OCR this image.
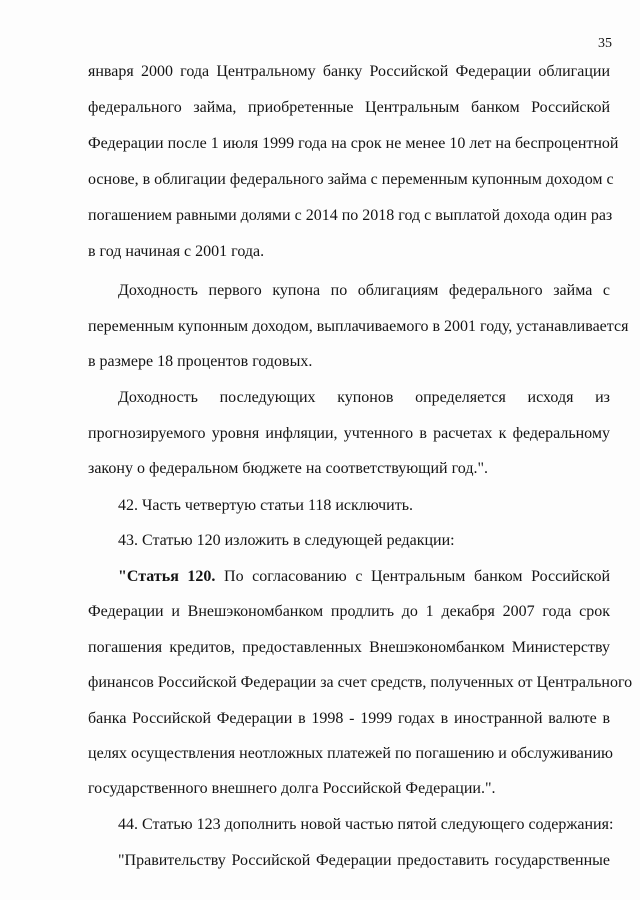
35
января 2000 года Центральному банку Российской Федерации облигации
федерального займа, приобретенные Центральным банком Российской
Федерации после 1 июля 1999 года на срок не менее 10 лет на беспроцентной
основе, в облигации федерального займа с переменным купонным доходом с
погашением равными долями с 2014 по 2018 год с выплатой дохода один раз
в год начиная с 2001 года.
Доходность первого купона по облигациям федерального займа с
переменным купонным доходом, выплачиваемого в 2001 году, устанавливается
в размере 18 процентов годовых.
Доходность последующих купонов определяется исходя из
прогнозируемого уровня инфляции, учтенного в расчетах к федеральному
закону о федеральном бюджете на соответствующий год.".
42. Часть четвертую статьи 118 исключить.
43. Статью 120 изложить в следующей редакции:
"Статья 120. По согласованию с Центральным банком Российской
Федерации и Внешэкономбанком продлить до 1 декабря 2007 года срок
погашения кредитов, предоставленных Внешэкономбанком Министерству
финансов Российской Федерации за счет средств, полученных от Центрального
банка Российской Федерации в 1998 - 1999 годах в иностранной валюте в
целях осуществления неотложных платежей по погашению и обслуживанию
государственного внешнего долга Российской Федерации.".
44. Статью 123 дополнить новой частью пятой следующего содержания:
"Правительству Российской Федерации предоставить государственные
